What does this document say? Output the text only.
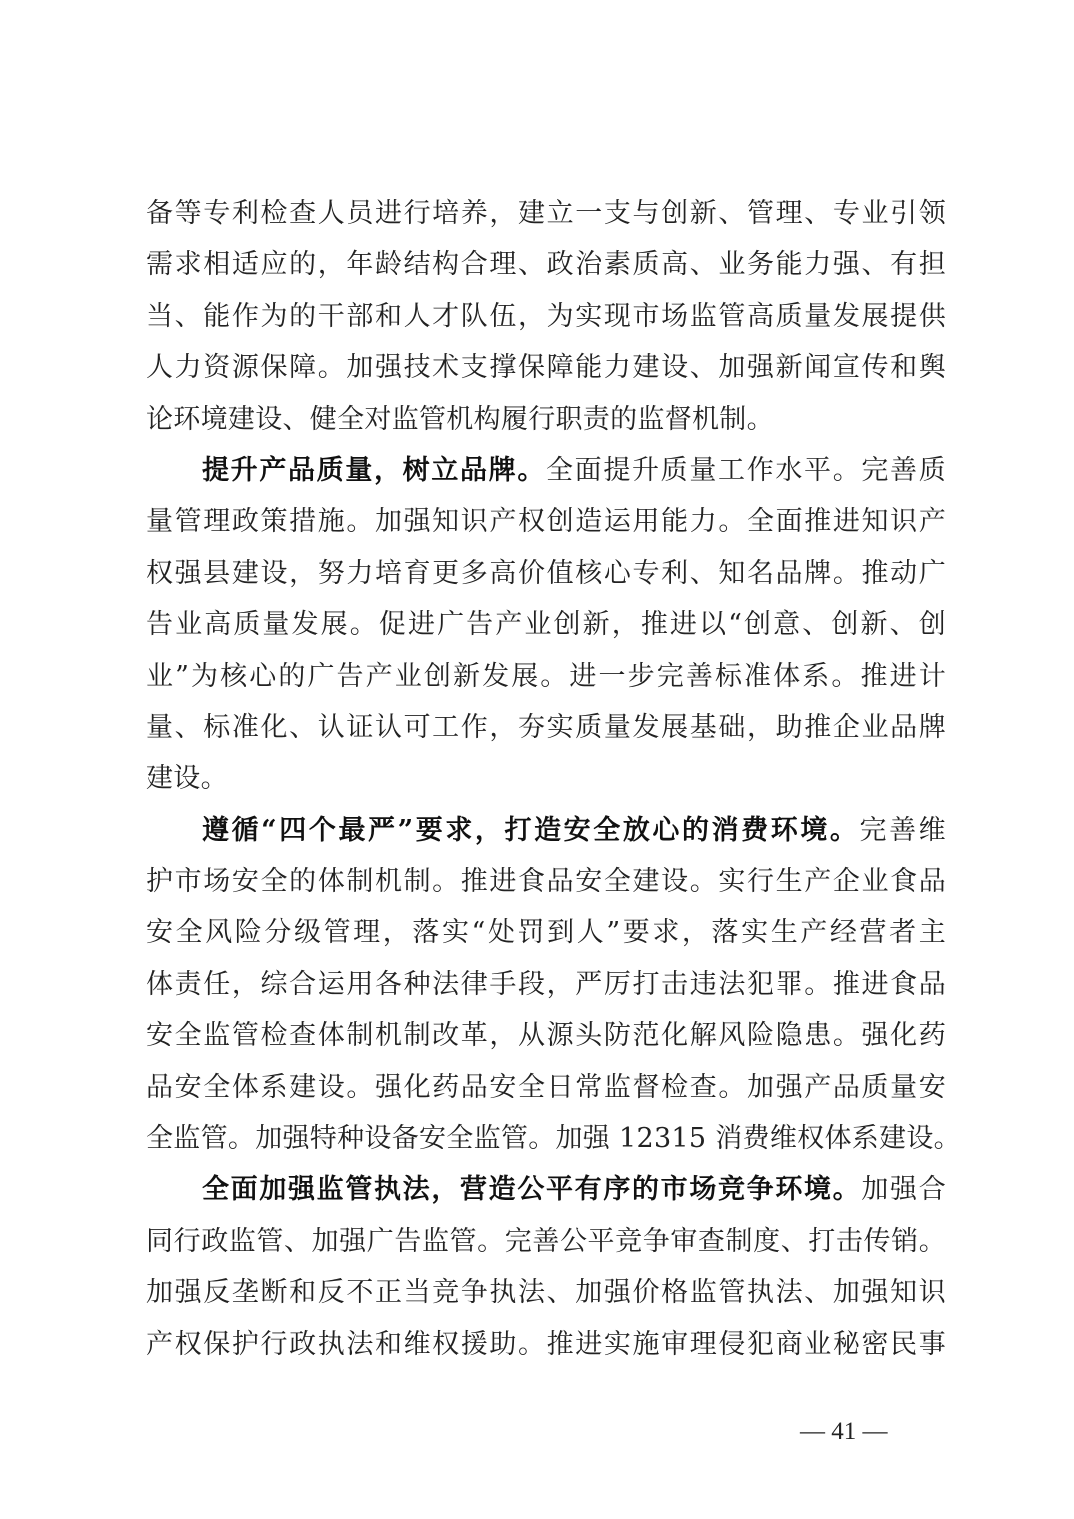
备等专利检查人员进行培养，建立一支与创新、管理、专业引领
需求相适应的，年龄结构合理、政治素质高、业务能力强、有担
当、能作为的干部和人才队伍，为实现市场监管高质量发展提供
人力资源保障。加强技术支撑保障能力建设、加强新闻宣传和舆
论环境建设、健全对监管机构履行职责的监督机制。
提升产品质量，树立品牌。全面提升质量工作水平。完善质
量管理政策措施。加强知识产权创造运用能力。全面推进知识产
权强县建设，努力培育更多高价值核心专利、知名品牌。推动广
告业高质量发展。促进广告产业创新，推进以“创意、创新、创
业”为核心的广告产业创新发展。进一步完善标准体系。推进计
量、标准化、认证认可工作，夯实质量发展基础，助推企业品牌
建设。
遵循“四个最严”要求，打造安全放心的消费环境。完善维
护市场安全的体制机制。推进食品安全建设。实行生产企业食品
安全风险分级管理，落实“处罚到人”要求，落实生产经营者主
体责任，综合运用各种法律手段，严厉打击违法犯罪。推进食品
安全监管检查体制机制改革，从源头防范化解风险隐患。强化药
品安全体系建设。强化药品安全日常监督检查。加强产品质量安
全监管。加强特种设备安全监管。加强 12315 消费维权体系建设。
全面加强监管执法，营造公平有序的市场竞争环境。加强合
同行政监管、加强广告监管。完善公平竞争审查制度、打击传销。
加强反垄断和反不正当竞争执法、加强价格监管执法、加强知识
产权保护行政执法和维权援助。推进实施审理侵犯商业秘密民事
— 41 —
